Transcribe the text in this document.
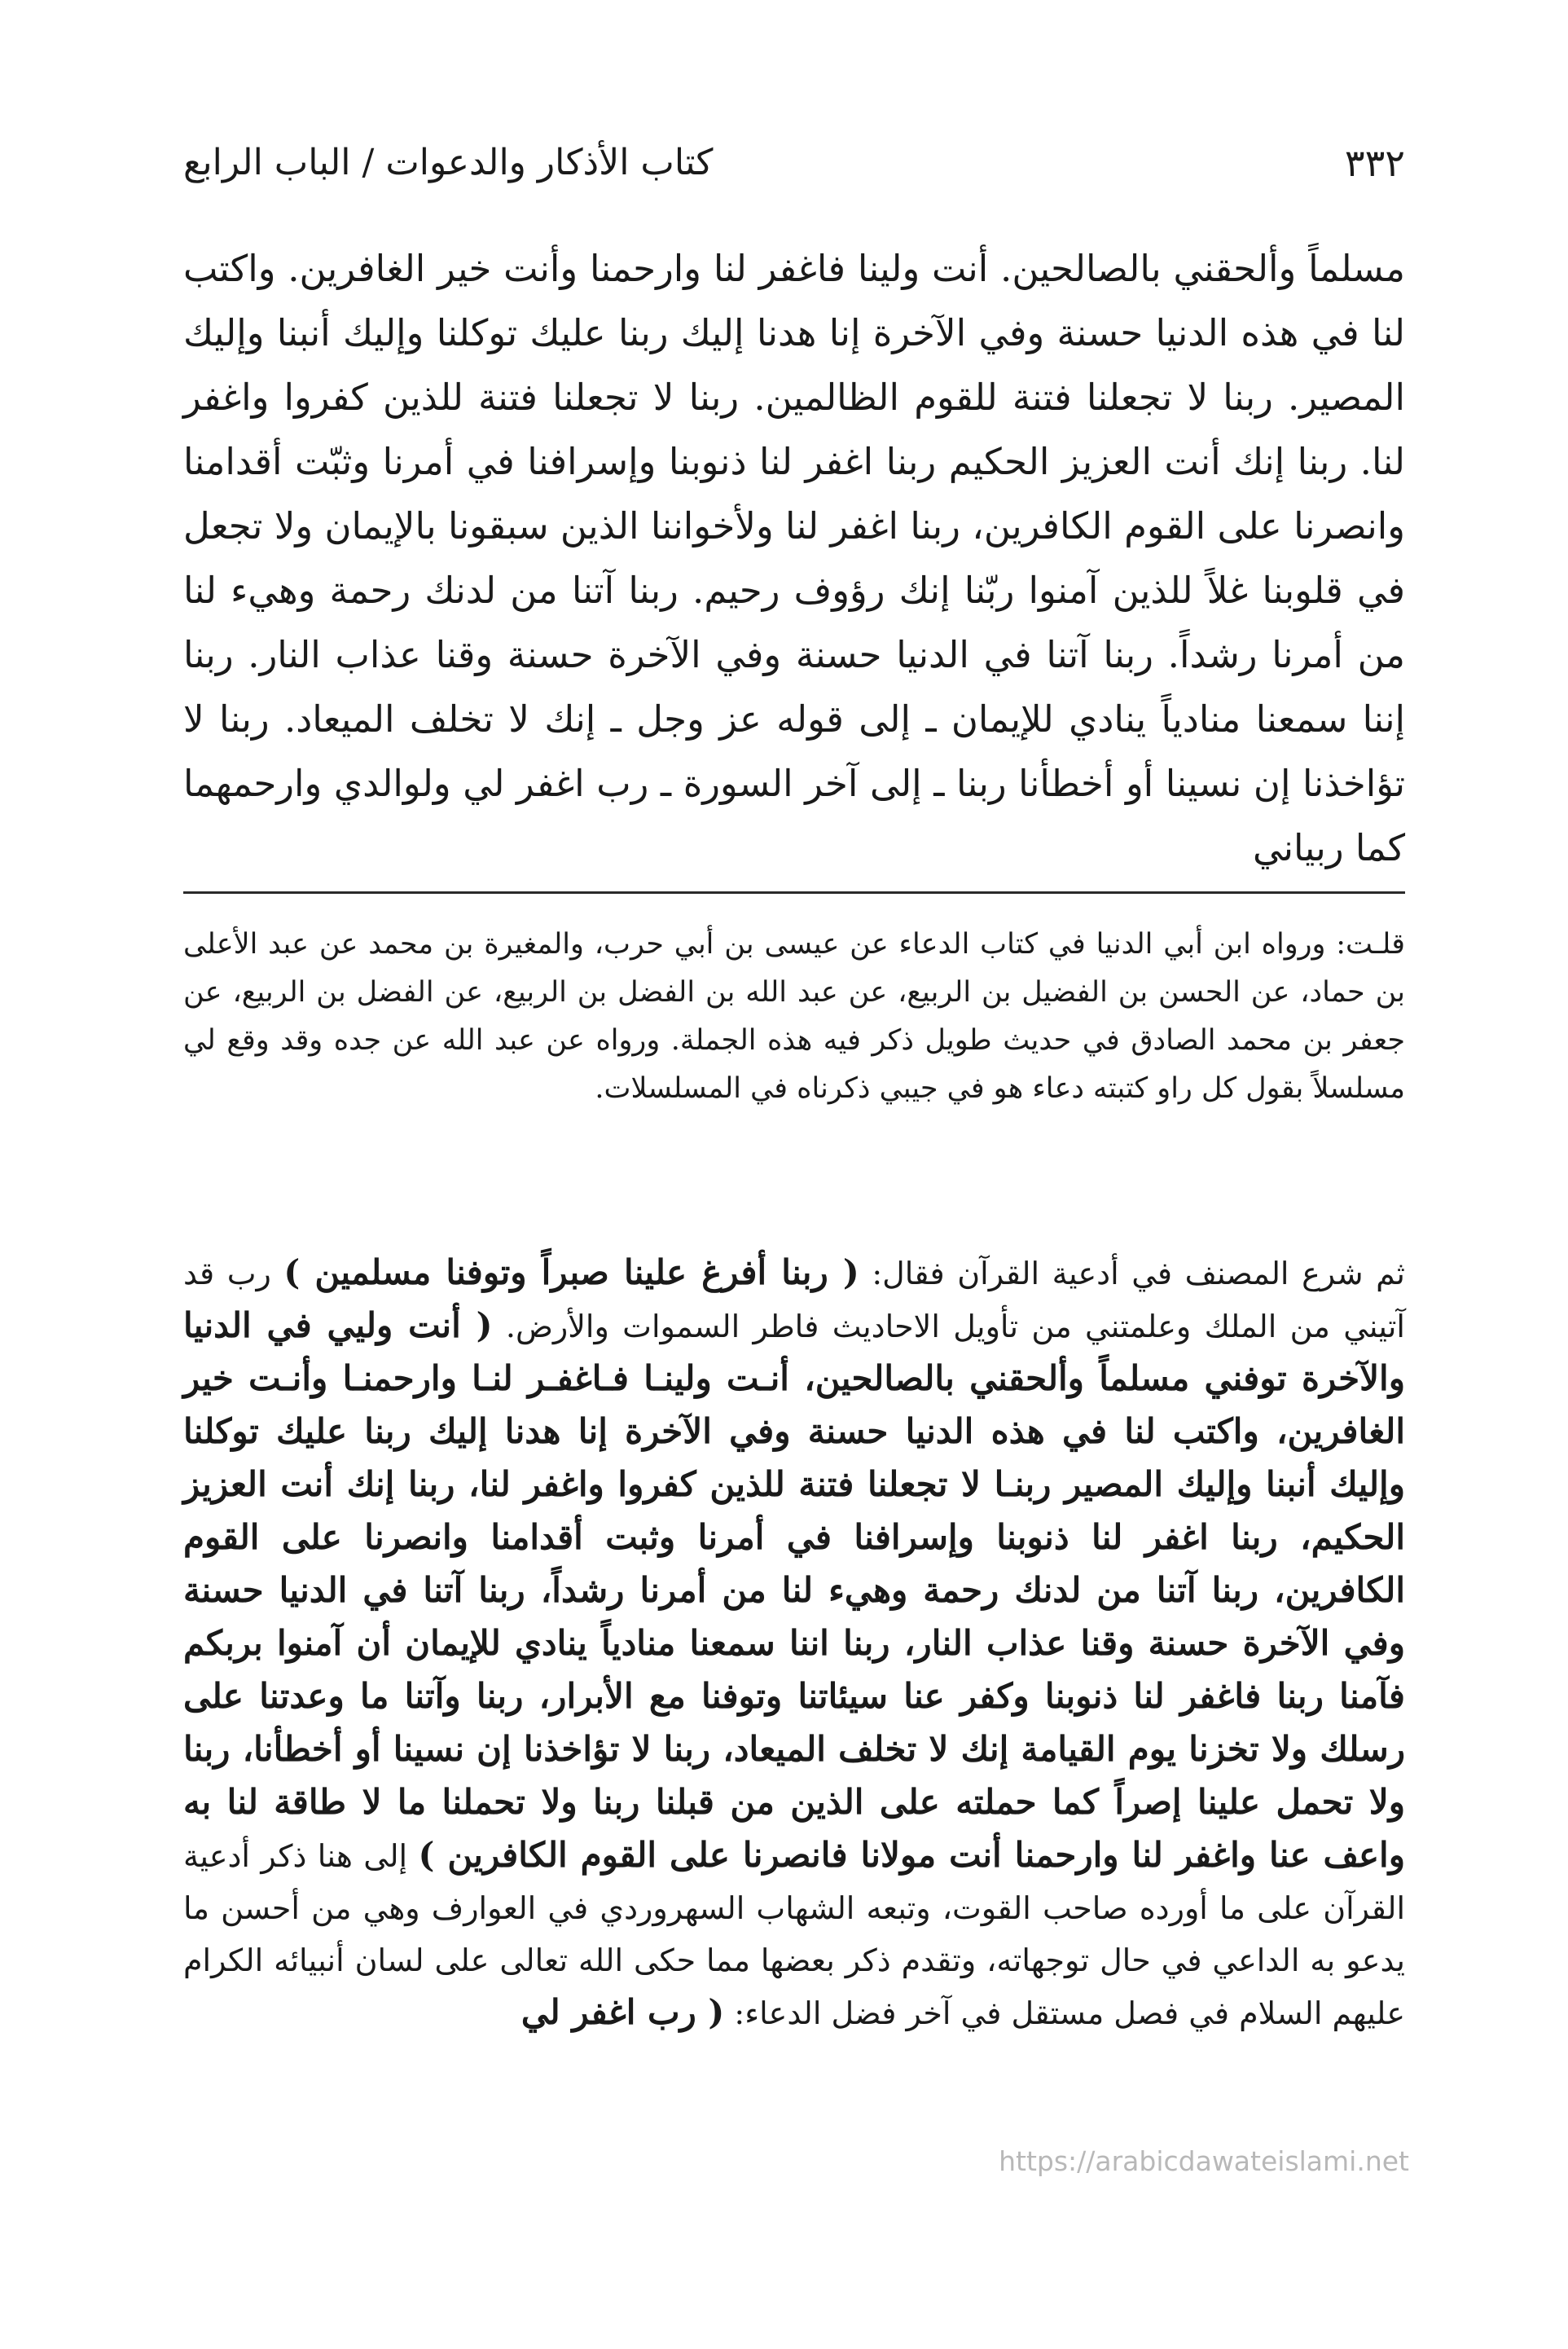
٣٣٢
كتاب الأذكار والدعوات / الباب الرابع

مسلماً وألحقني بالصالحين. أنت ولينا فاغفر لنا وارحمنا وأنت خير الغافرين. واكتب لنا في هذه الدنيا حسنة وفي الآخرة إنا هدنا إليك ربنا عليك توكلنا وإليك أنبنا وإليك المصير. ربنا لا تجعلنا فتنة للقوم الظالمين. ربنا لا تجعلنا فتنة للذين كفروا واغفر لنا. ربنا إنك أنت العزيز الحكيم ربنا اغفر لنا ذنوبنا وإسرافنا في أمرنا وثبّت أقدامنا وانصرنا على القوم الكافرين، ربنا اغفر لنا ولأخواننا الذين سبقونا بالإيمان ولا تجعل في قلوبنا غلاً للذين آمنوا ربّنا إنك رؤوف رحيم. ربنا آتنا من لدنك رحمة وهيء لنا من أمرنا رشداً. ربنا آتنا في الدنيا حسنة وفي الآخرة حسنة وقنا عذاب النار. ربنا إننا سمعنا منادياً ينادي للإيمان ـ إلى قوله عز وجل ـ إنك لا تخلف الميعاد. ربنا لا تؤاخذنا إن نسينا أو أخطأنا ربنا ـ إلى آخر السورة ـ رب اغفر لي ولوالدي وارحمهما كما ربياني

قلـت: ورواه ابن أبي الدنيا في كتاب الدعاء عن عيسى بن أبي حرب، والمغيرة بن محمد عن عبد الأعلى بن حماد، عن الحسن بن الفضيل بن الربيع، عن عبد الله بن الفضل بن الربيع، عن الفضل بن الربيع، عن جعفر بن محمد الصادق في حديث طويل ذكر فيه هذه الجملة. ورواه عن عبد الله عن جده وقد وقع لي مسلسلاً بقول كل راو كتبته دعاء هو في جيبي ذكرناه في المسلسلات.

ثم شرع المصنف في أدعية القرآن فقال: ( ربنا أفرغ علينا صبراً وتوفنا مسلمين ) رب قد آتيني من الملك وعلمتني من تأويل الاحاديث فاطر السموات والأرض. ( أنت وليي في الدنيا والآخرة توفني مسلماً وألحقني بالصالحين، أنـت ولينـا فـاغفـر لنـا وارحمنـا وأنـت خير الغافرين، واكتب لنا في هذه الدنيا حسنة وفي الآخرة إنا هدنا إليك ربنا عليك توكلنا وإليك أنبنا وإليك المصير ربنـا لا تجعلنا فتنة للذين كفروا واغفر لنا، ربنا إنك أنت العزيز الحكيم، ربنا اغفر لنا ذنوبنا وإسرافنا في أمرنا وثبت أقدامنا وانصرنا على القوم الكافرين، ربنا آتنا من لدنك رحمة وهيء لنا من أمرنا رشداً، ربنا آتنا في الدنيا حسنة وفي الآخرة حسنة وقنا عذاب النار، ربنا اننا سمعنا منادياً ينادي للإيمان أن آمنوا بربكم فآمنا ربنا فاغفر لنا ذنوبنا وكفر عنا سيئاتنا وتوفنا مع الأبرار، ربنا وآتنا ما وعدتنا على رسلك ولا تخزنا يوم القيامة إنك لا تخلف الميعاد، ربنا لا تؤاخذنا إن نسينا أو أخطأنا، ربنا ولا تحمل علينا إصراً كما حملته على الذين من قبلنا ربنا ولا تحملنا ما لا طاقة لنا به واعف عنا واغفر لنا وارحمنا أنت مولانا فانصرنا على القوم الكافرين ) إلى هنا ذكر أدعية القرآن على ما أورده صاحب القوت، وتبعه الشهاب السهروردي في العوارف وهي من أحسن ما يدعو به الداعي في حال توجهاته، وتقدم ذكر بعضها مما حكى الله تعالى على لسان أنبيائه الكرام عليهم السلام في فصل مستقل في آخر فضل الدعاء: ( رب اغفر لي

https://arabicdawateislami.net
